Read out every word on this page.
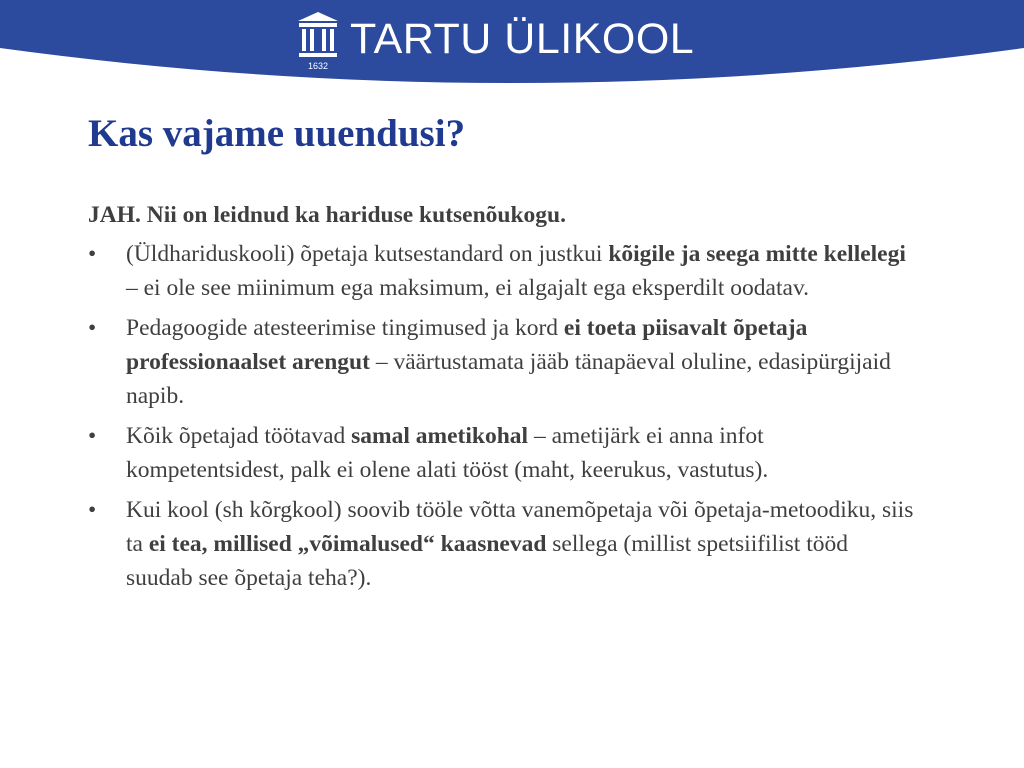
1632
TARTU ÜLIKOOL
Kas vajame uuendusi?

JAH. Nii on leidnud ka hariduse kutsenõukogu.

• (Üldhariduskooli) õpetaja kutsestandard on justkui kõigile ja seega mitte kellelegi – ei ole see miinimum ega maksimum, ei algajalt ega eksperdilt oodatav.
• Pedagoogide atesteerimise tingimused ja kord ei toeta piisavalt õpetaja professionaalset arengut – väärtustamata jääb tänapäeval oluline, edasipürgijaid napib.
• Kõik õpetajad töötavad samal ametikohal – ametijärk ei anna infot kompetentsidest, palk ei olene alati tööst (maht, keerukus, vastutus).
• Kui kool (sh kõrgkool) soovib tööle võtta vanemõpetaja või õpetaja-metoodiku, siis ta ei tea, millised „võimalused“ kaasnevad sellega (millist spetsiifilist tööd suudab see õpetaja teha?).
